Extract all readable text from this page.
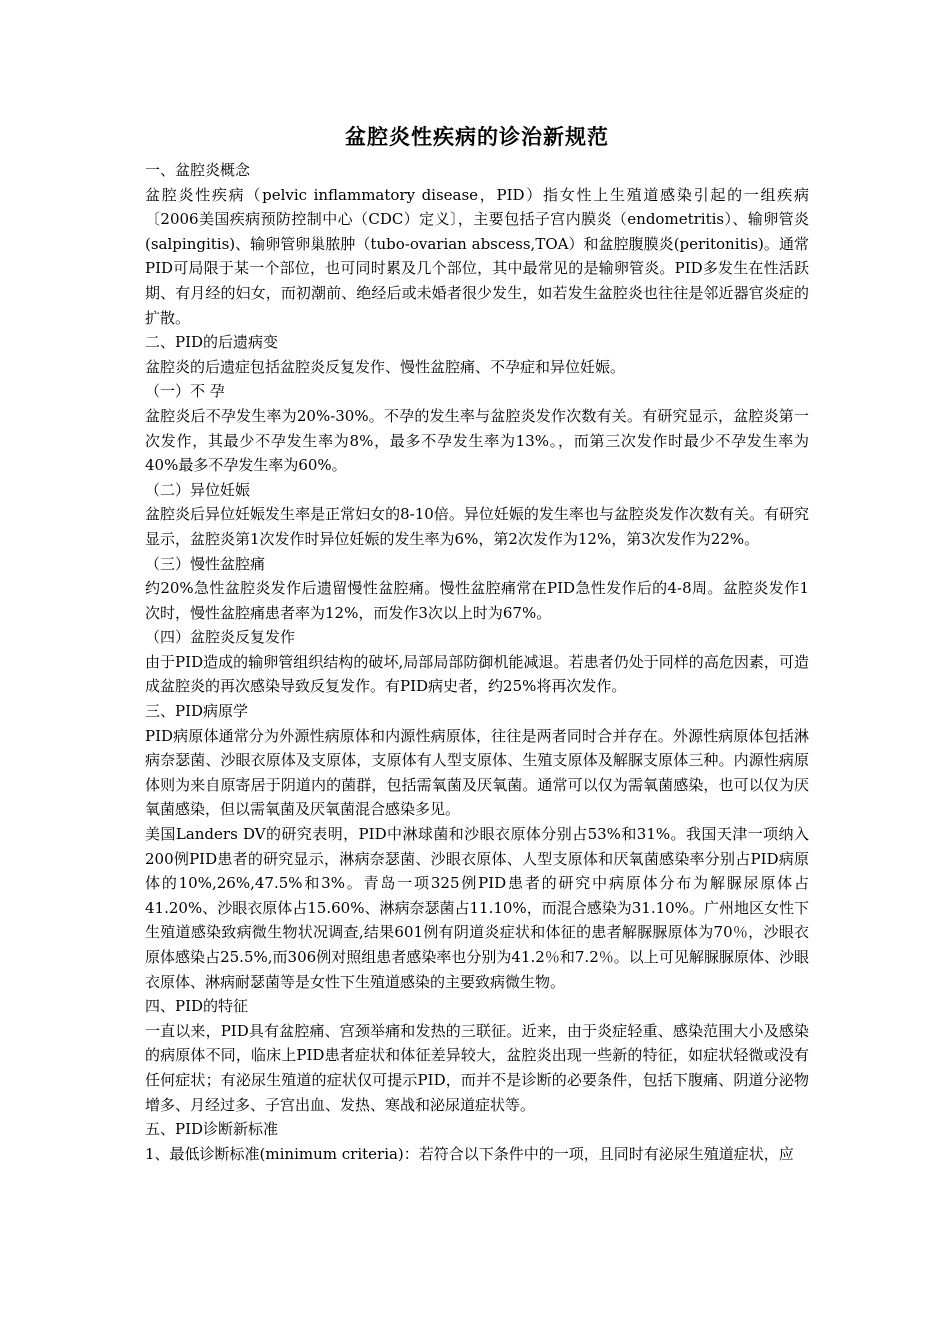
盆腔炎性疾病的诊治新规范

一、盆腔炎概念

盆腔炎性疾病（pelvic inflammatory disease，PID）指女性上生殖道感染引起的一组疾病〔2006美国疾病预防控制中心（CDC）定义〕，主要包括子宫内膜炎（endometritis）、输卵管炎(salpingitis)、输卵管卵巢脓肿（tubo-ovarian abscess,TOA）和盆腔腹膜炎(peritonitis)。通常PID可局限于某一个部位，也可同时累及几个部位，其中最常见的是输卵管炎。PID多发生在性活跃期、有月经的妇女，而初潮前、绝经后或未婚者很少发生，如若发生盆腔炎也往往是邻近器官炎症的扩散。

二、PID的后遗病变

盆腔炎的后遗症包括盆腔炎反复发作、慢性盆腔痛、不孕症和异位妊娠。

（一）不 孕

盆腔炎后不孕发生率为20%-30%。不孕的发生率与盆腔炎发作次数有关。有研究显示，盆腔炎第一次发作，其最少不孕发生率为8%，最多不孕发生率为13%。，而第三次发作时最少不孕发生率为40%最多不孕发生率为60%。

（二）异位妊娠

盆腔炎后异位妊娠发生率是正常妇女的8-10倍。异位妊娠的发生率也与盆腔炎发作次数有关。有研究显示，盆腔炎第1次发作时异位妊娠的发生率为6%，第2次发作为12%，第3次发作为22%。

（三）慢性盆腔痛

约20%急性盆腔炎发作后遗留慢性盆腔痛。慢性盆腔痛常在PID急性发作后的4-8周。盆腔炎发作1次时，慢性盆腔痛患者率为12%，而发作3次以上时为67%。

（四）盆腔炎反复发作

由于PID造成的输卵管组织结构的破坏,局部局部防御机能减退。若患者仍处于同样的高危因素，可造成盆腔炎的再次感染导致反复发作。有PID病史者，约25%将再次发作。

三、PID病原学

PID病原体通常分为外源性病原体和内源性病原体，往往是两者同时合并存在。外源性病原体包括淋病奈瑟菌、沙眼衣原体及支原体，支原体有人型支原体、生殖支原体及解脲支原体三种。内源性病原体则为来自原寄居于阴道内的菌群，包括需氧菌及厌氧菌。通常可以仅为需氧菌感染，也可以仅为厌氧菌感染，但以需氧菌及厌氧菌混合感染多见。

美国Landers DV的研究表明，PID中淋球菌和沙眼衣原体分别占53%和31%。我国天津一项纳入200例PID患者的研究显示，淋病奈瑟菌、沙眼衣原体、人型支原体和厌氧菌感染率分别占PID病原体的10%,26%,47.5%和3%。青岛一项325例PID患者的研究中病原体分布为解脲尿原体占41.20%、沙眼衣原体占15.60%、淋病奈瑟菌占11.10%，而混合感染为31.10%。广州地区女性下生殖道感染致病微生物状况调查,结果601例有阴道炎症状和体征的患者解脲脲原体为70％，沙眼衣原体感染占25.5%,而306例对照组患者感染率也分别为41.2％和7.2％。以上可见解脲脲原体、沙眼衣原体、淋病耐瑟菌等是女性下生殖道感染的主要致病微生物。

四、PID的特征

一直以来，PID具有盆腔痛、宫颈举痛和发热的三联征。近来，由于炎症轻重、感染范围大小及感染的病原体不同，临床上PID患者症状和体征差异较大，盆腔炎出现一些新的特征，如症状轻微或没有任何症状；有泌尿生殖道的症状仅可提示PID，而并不是诊断的必要条件，包括下腹痛、阴道分泌物增多、月经过多、子宫出血、发热、寒战和泌尿道症状等。

五、PID诊断新标准

1、最低诊断标准(minimum criteria)：若符合以下条件中的一项，且同时有泌尿生殖道症状，应
